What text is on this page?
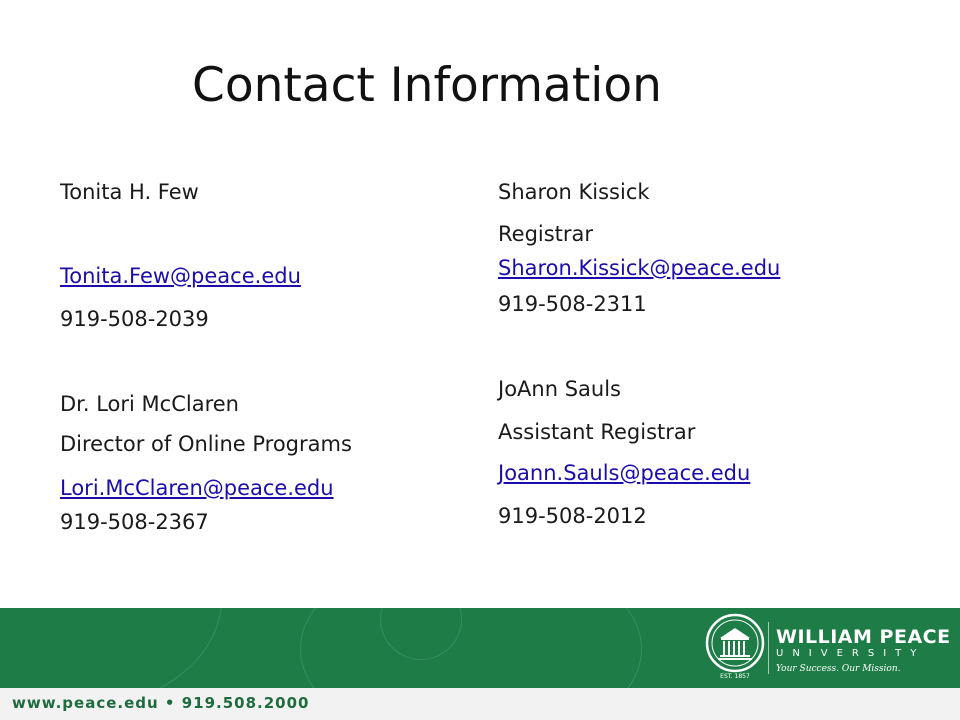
Contact Information
Tonita H. Few
Tonita.Few@peace.edu
919-508-2039
Dr. Lori McClaren
Director of Online Programs
Lori.McClaren@peace.edu
919-508-2367
Sharon Kissick
Registrar
Sharon.Kissick@peace.edu
919-508-2311
JoAnn Sauls
Assistant Registrar
Joann.Sauls@peace.edu
919-508-2012
EST. 1857
WILLIAM PEACE
UNIVERSITY
Your Success. Our Mission.
www.peace.edu • 919.508.2000
